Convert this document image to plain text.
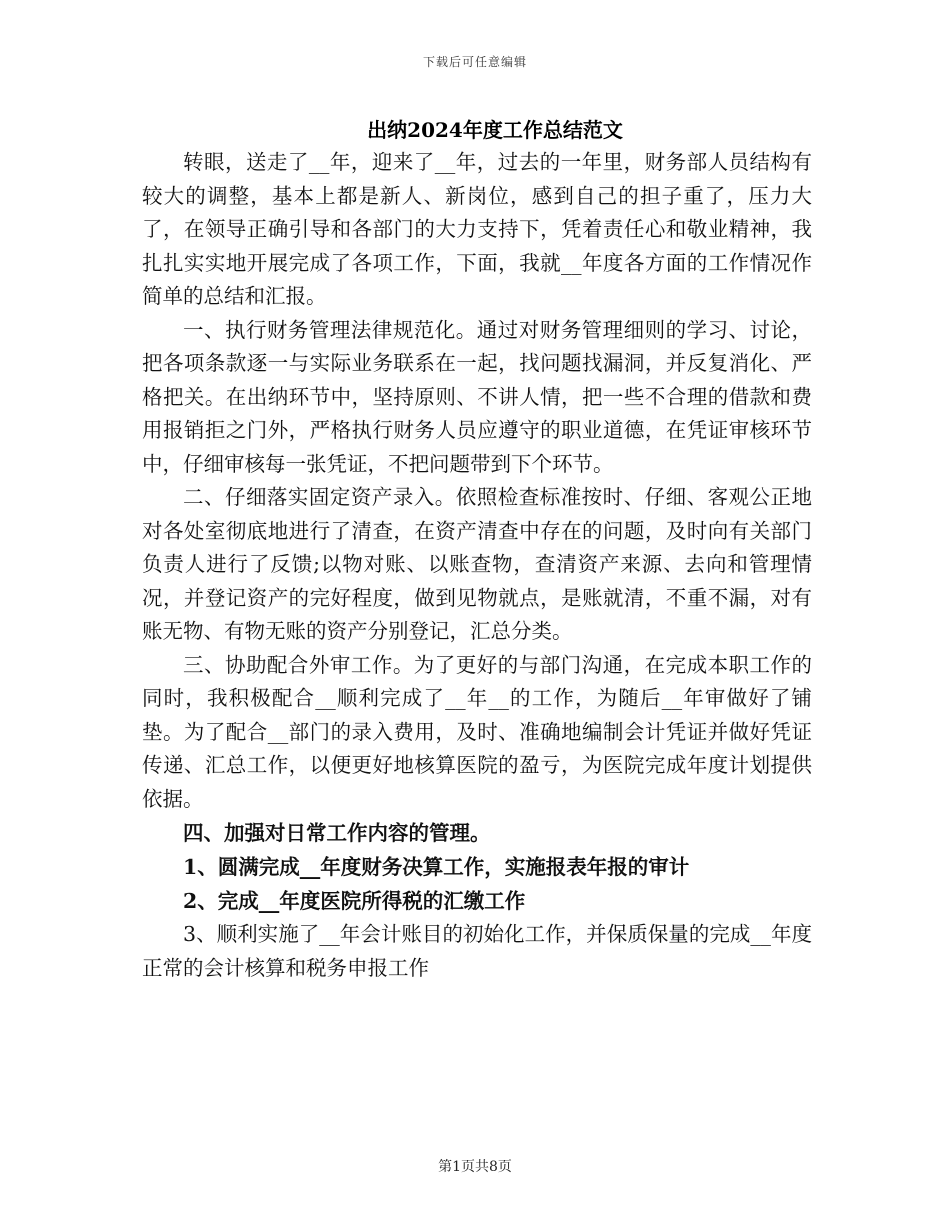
下载后可任意编辑
出纳2024年度工作总结范文

转眼，送走了__年，迎来了__年，过去的一年里，财务部人员结构有较大的调整，基本上都是新人、新岗位，感到自己的担子重了，压力大了，在领导正确引导和各部门的大力支持下，凭着责任心和敬业精神，我扎扎实实地开展完成了各项工作，下面，我就__年度各方面的工作情况作简单的总结和汇报。

一、执行财务管理法律规范化。通过对财务管理细则的学习、讨论，把各项条款逐一与实际业务联系在一起，找问题找漏洞，并反复消化、严格把关。在出纳环节中，坚持原则、不讲人情，把一些不合理的借款和费用报销拒之门外，严格执行财务人员应遵守的职业道德，在凭证审核环节中，仔细审核每一张凭证，不把问题带到下个环节。

二、仔细落实固定资产录入。依照检查标准按时、仔细、客观公正地对各处室彻底地进行了清查，在资产清查中存在的问题，及时向有关部门负责人进行了反馈;以物对账、以账查物，查清资产来源、去向和管理情况，并登记资产的完好程度，做到见物就点，是账就清，不重不漏，对有账无物、有物无账的资产分别登记，汇总分类。

三、协助配合外审工作。为了更好的与部门沟通，在完成本职工作的同时，我积极配合__顺利完成了__年__的工作，为随后__年审做好了铺垫。为了配合__部门的录入费用，及时、准确地编制会计凭证并做好凭证传递、汇总工作，以便更好地核算医院的盈亏，为医院完成年度计划提供依据。

四、加强对日常工作内容的管理。

1、圆满完成__年度财务决算工作，实施报表年报的审计

2、完成__年度医院所得税的汇缴工作

3、顺利实施了__年会计账目的初始化工作，并保质保量的完成__年度正常的会计核算和税务申报工作

第1页共8页
